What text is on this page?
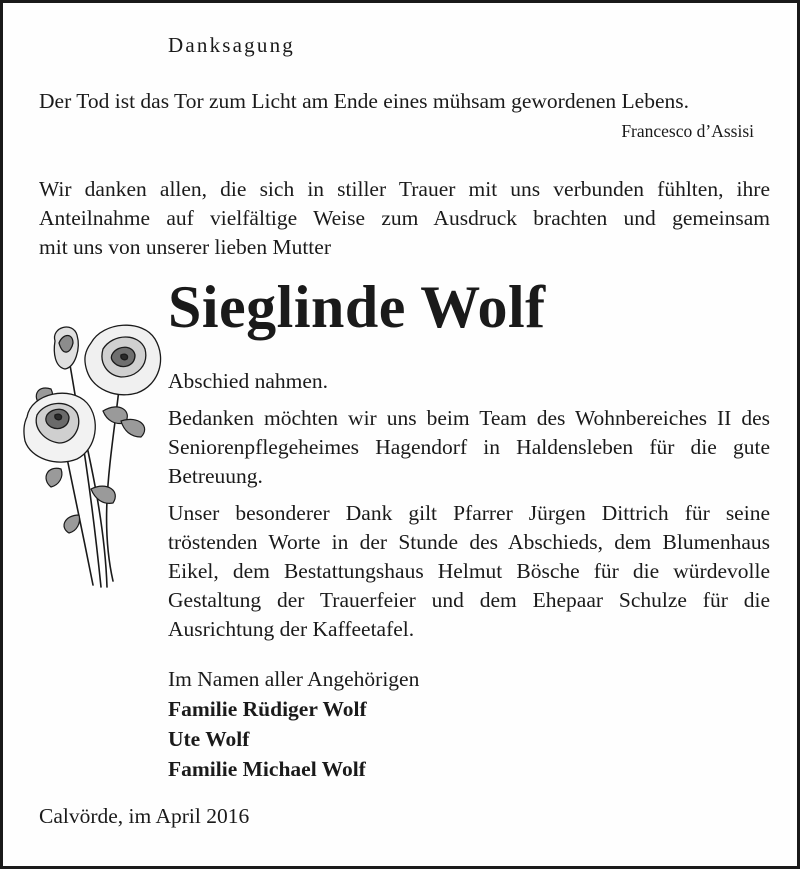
Danksagung
Der Tod ist das Tor zum Licht am Ende eines mühsam gewordenen Lebens.
Francesco d’Assisi

Wir danken allen, die sich in stiller Trauer mit uns verbunden fühlten, ihre

Anteilnahme auf vielfältige Weise zum Ausdruck brachten und gemeinsam

mit uns von unserer lieben Mutter

Sieglinde Wolf

Abschied nahmen.

Bedanken möchten wir uns beim Team des Wohnbereiches II des Seniorenpflegeheimes Hagendorf in Haldensleben für die gute Betreuung.

Unser besonderer Dank gilt Pfarrer Jürgen Dittrich für seine tröstenden Worte in der Stunde des Abschieds, dem Blumenhaus Eikel, dem Bestattungshaus Helmut Bösche für die würdevolle Gestaltung der Trauerfeier und dem Ehepaar Schulze für die Ausrichtung der Kaffeetafel.

Im Namen aller Angehörigen
Familie Rüdiger Wolf
Ute Wolf
Familie Michael Wolf
Calvörde, im April 2016
